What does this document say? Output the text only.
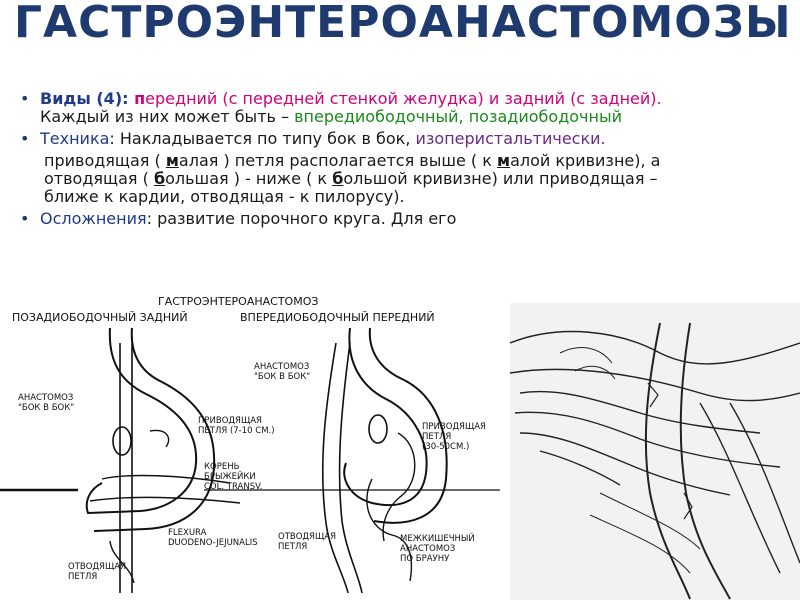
ГАСТРОЭНТЕРОАНАСТОМОЗЫ
• Виды (4): передний (с передней стенкой желудка) и задний (с задней). Каждый из них может быть – впередиободочный, позадиободочный
• Техника: Накладывается по типу бок в бок, изоперистальтически.
приводящая ( малая ) петля располагается выше ( к малой кривизне), а отводящая ( большая ) - ниже ( к большой кривизне) или приводящая –ближе к кардии, отводящая - к пилорусу).
• Осложнения: развитие порочного круга. Для его
ГАСТРОЭНТЕРОАНАСТОМОЗ
ПОЗАДИОБОДОЧНЫЙ ЗАДНИЙ	ВПЕРЕДИОБОДОЧНЫЙ ПЕРЕДНИЙ
АНАСТОМОЗ
"БОК В БОК"
ПРИВОДЯЩАЯ
ПЕТЛЯ (7-10 СМ.)
КОРЕНЬ
БРЫЖЕЙКИ
COL. TRANSV.
FLEXURA
DUODENO-JEJUNALIS
ОТВОДЯЩАЯ
ПЕТЛЯ
АНАСТОМОЗ
"БОК В БОК"
ПРИВОДЯЩАЯ
ПЕТЛЯ
(30-50СМ.)
ОТВОДЯЩАЯ
ПЕТЛЯ
МЕЖКИШЕЧНЫЙ
АНАСТОМОЗ
ПО БРАУНУ
